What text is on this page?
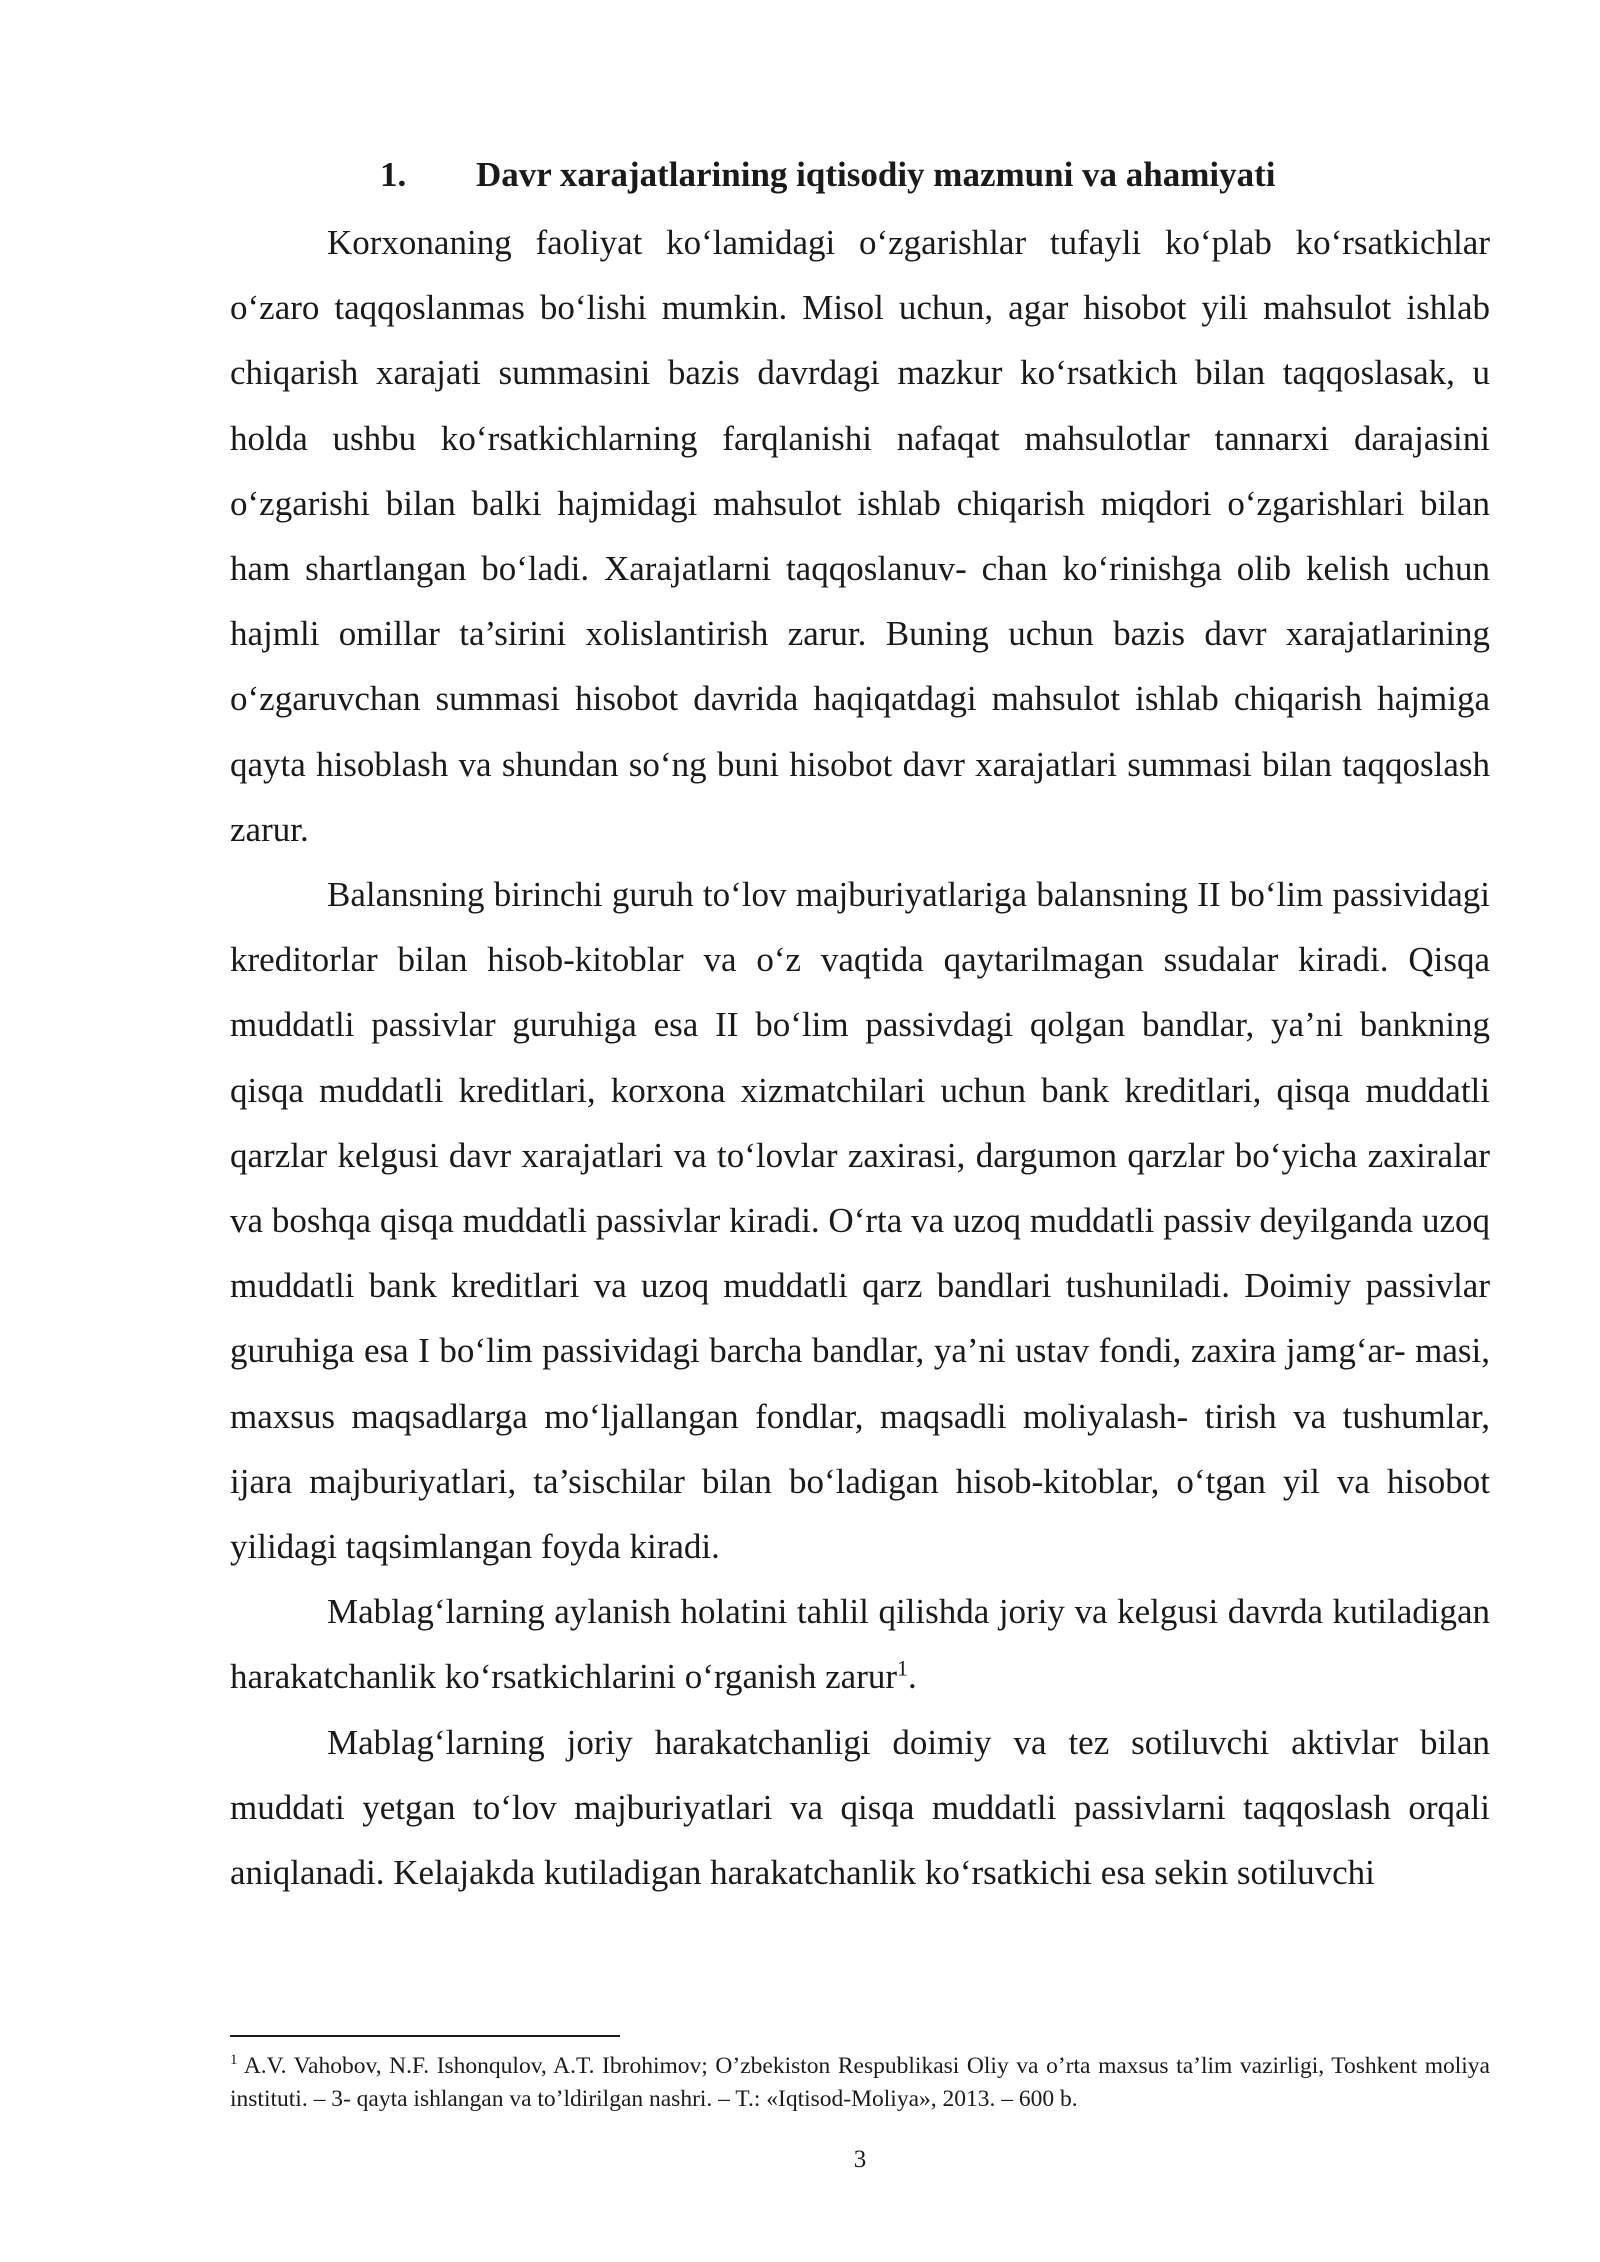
1. Davr xarajatlarining iqtisodiy mazmuni va ahamiyati

Korxonaning faoliyat koʻlamidagi oʻzgarishlar tufayli koʻplab koʻrsatkichlar oʻzaro taqqoslanmas boʻlishi mumkin. Misol uchun, agar hisobot yili mahsulot ishlab chiqarish xarajati summasini bazis davrdagi mazkur koʻrsatkich bilan taqqoslasak, u holda ushbu koʻrsatkichlarning farqlanishi nafaqat mahsulotlar tannarxi darajasini oʻzgarishi bilan balki hajmidagi mahsulot ishlab chiqarish miqdori oʻzgarishlari bilan ham shartlangan boʻladi. Xarajatlarni taqqoslanuv- chan koʻrinishga olib kelish uchun hajmli omillar ta’sirini xolislantirish zarur. Buning uchun bazis davr xarajatlarining oʻzgaruvchan summasi hisobot davrida haqiqatdagi mahsulot ishlab chiqarish hajmiga qayta hisoblash va shundan soʻng buni hisobot davr xarajatlari summasi bilan taqqoslash zarur.

Balansning birinchi guruh toʻlov majburiyatlariga balansning II boʻlim passividagi kreditorlar bilan hisob-kitoblar va oʻz vaqtida qaytarilmagan ssudalar kiradi. Qisqa muddatli passivlar guruhiga esa II boʻlim passivdagi qolgan bandlar, ya’ni bankning qisqa muddatli kreditlari, korxona xizmatchilari uchun bank kreditlari, qisqa muddatli qarzlar kelgusi davr xarajatlari va toʻlovlar zaxirasi, dargumon qarzlar boʻyicha zaxiralar va boshqa qisqa muddatli passivlar kiradi. Oʻrta va uzoq muddatli passiv deyilganda uzoq muddatli bank kreditlari va uzoq muddatli qarz bandlari tushuniladi. Doimiy passivlar guruhiga esa I boʻlim passividagi barcha bandlar, ya’ni ustav fondi, zaxira jamgʻar- masi, maxsus maqsadlarga moʻljallangan fondlar, maqsadli moliyalash- tirish va tushumlar, ijara majburiyatlari, ta’sischilar bilan boʻladigan hisob-kitoblar, oʻtgan yil va hisobot yilidagi taqsimlangan foyda kiradi.

Mablagʻlarning aylanish holatini tahlil qilishda joriy va kelgusi davrda kutiladigan harakatchanlik koʻrsatkichlarini oʻrganish zarur$^1$.

Mablagʻlarning joriy harakatchanligi doimiy va tez sotiluvchi aktivlar bilan muddati yetgan toʻlov majburiyatlari va qisqa muddatli passivlarni taqqoslash orqali aniqlanadi. Kelajakda kutiladigan harakatchanlik koʻrsatkichi esa sekin sotiluvchi

$^1$ A.V. Vahobov, N.F. Ishonqulov, A.T. Ibrohimov; O’zbekiston Respublikasi Oliy va o’rta maxsus ta’lim vazirligi, Toshkent moliya instituti. – 3- qayta ishlangan va to’ldirilgan nashri. – T.: «Iqtisod-Moliya», 2013. – 600 b.
3
